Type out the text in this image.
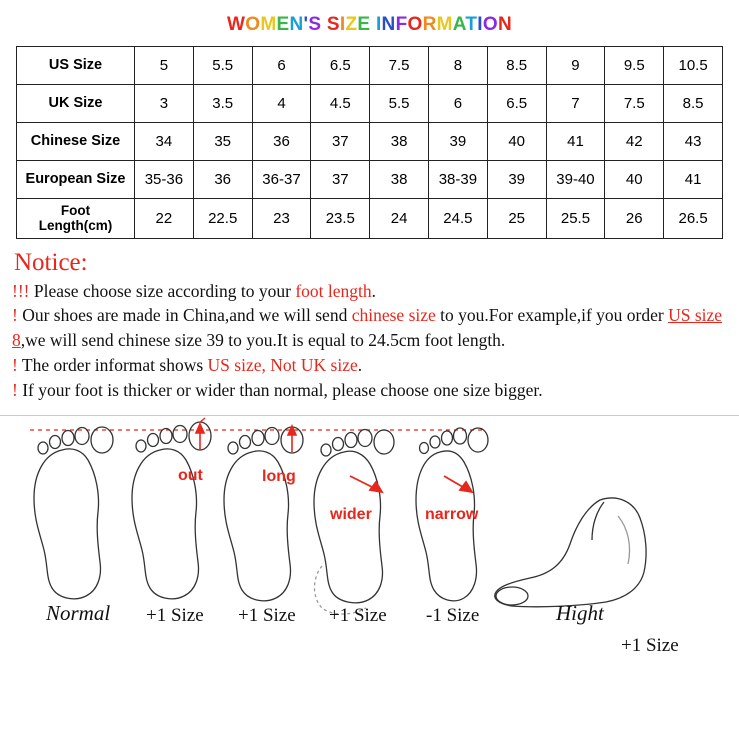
WOMEN'S SIZE INFORMATION
US Size	5	5.5	6	6.5	7.5	8	8.5	9	9.5	10.5
UK Size	3	3.5	4	4.5	5.5	6	6.5	7	7.5	8.5
Chinese Size	34	35	36	37	38	39	40	41	42	43
European Size	35-36	36	36-37	37	38	38-39	39	39-40	40	41
Foot
Length(cm)	22	22.5	23	23.5	24	24.5	25	25.5	26	26.5
Notice:
!!! Please choose size according to your foot length.
! Our shoes are made in China,and we will send chinese size to you.For example,if you order US size 8,we will send chinese size 39 to you.It is equal to 24.5cm foot length.
! The order informat shows US size, Not UK size.
! If your foot is thicker or wider than normal, please choose one size bigger.
out	long
wider	narrow
Normal +1 Size +1 Size +1 Size -1 Size	Hight
+1 Size
